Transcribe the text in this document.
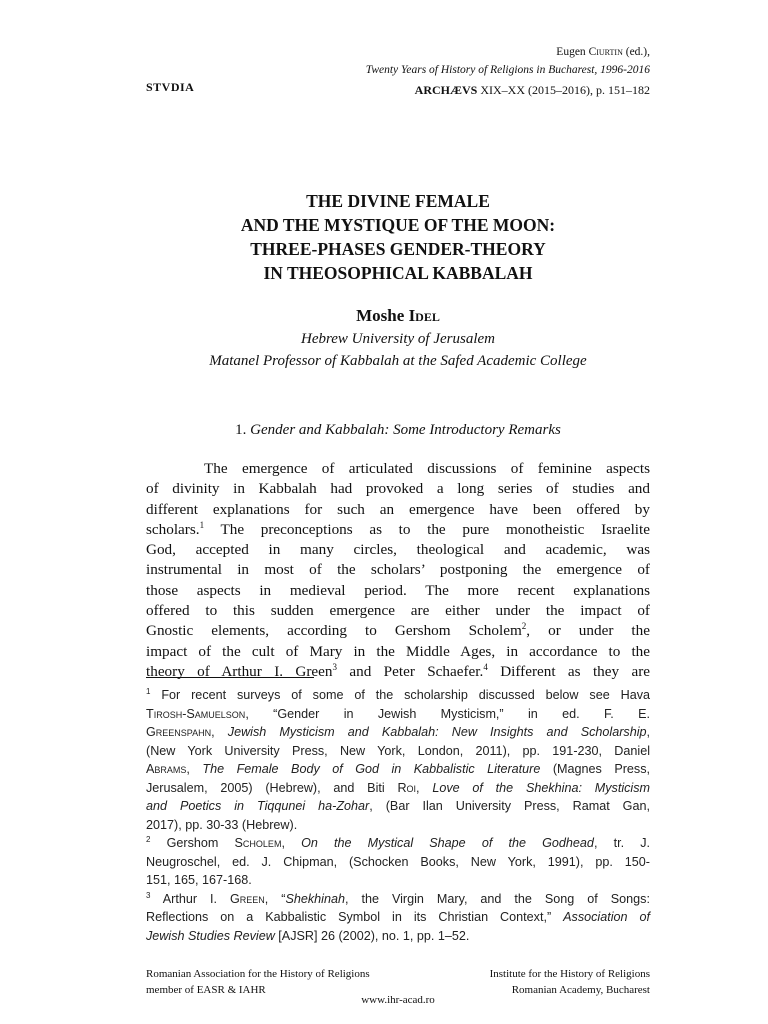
Eugen Ciurtin (ed.),
Twenty Years of History of Religions in Bucharest, 1996-2016
STVDIA	ARCHÆVS XIX–XX (2015–2016), p. 151–182
THE DIVINE FEMALE
AND THE MYSTIQUE OF THE MOON:
THREE-PHASES GENDER-THEORY
IN THEOSOPHICAL KABBALAH
Moshe Idel
Hebrew University of Jerusalem
Matanel Professor of Kabbalah at the Safed Academic College
1. Gender and Kabbalah: Some Introductory Remarks
The emergence of articulated discussions of feminine aspects
of divinity in Kabbalah had provoked a long series of studies and
different explanations for such an emergence have been offered by
scholars.$^1$ The preconceptions as to the pure monotheistic Israelite
God, accepted in many circles, theological and academic, was
instrumental in most of the scholars’ postponing the emergence of
those aspects in medieval period. The more recent explanations
offered to this sudden emergence are either under the impact of
Gnostic elements, according to Gershom Scholem$^2$, or under the
impact of the cult of Mary in the Middle Ages, in accordance to the
theory of Arthur I. Green$^3$ and Peter Schaefer.$^4$ Different as they are
$^1$ For recent surveys of some of the scholarship discussed below see Hava
Tirosh-Samuelson, “Gender in Jewish Mysticism,” in ed. F. E.
Greenspahn, Jewish Mysticism and Kabbalah: New Insights and Scholarship,
(New York University Press, New York, London, 2011), pp. 191-230, Daniel
Abrams, The Female Body of God in Kabbalistic Literature (Magnes Press,
Jerusalem, 2005) (Hebrew), and Biti Roi, Love of the Shekhina: Mysticism
and Poetics in Tiqqunei ha-Zohar, (Bar Ilan University Press, Ramat Gan,
2017), pp. 30-33 (Hebrew).
$^2$ Gershom Scholem, On the Mystical Shape of the Godhead, tr. J.
Neugroschel, ed. J. Chipman, (Schocken Books, New York, 1991), pp. 150-
151, 165, 167-168.
$^3$ Arthur I. Green, “Shekhinah, the Virgin Mary, and the Song of Songs:
Reflections on a Kabbalistic Symbol in its Christian Context,” Association of
Jewish Studies Review [AJSR] 26 (2002), no. 1, pp. 1–52.
Romanian Association for the History of Religions
member of EASR & IAHR
Institute for the History of Religions
Romanian Academy, Bucharest
www.ihr-acad.ro
